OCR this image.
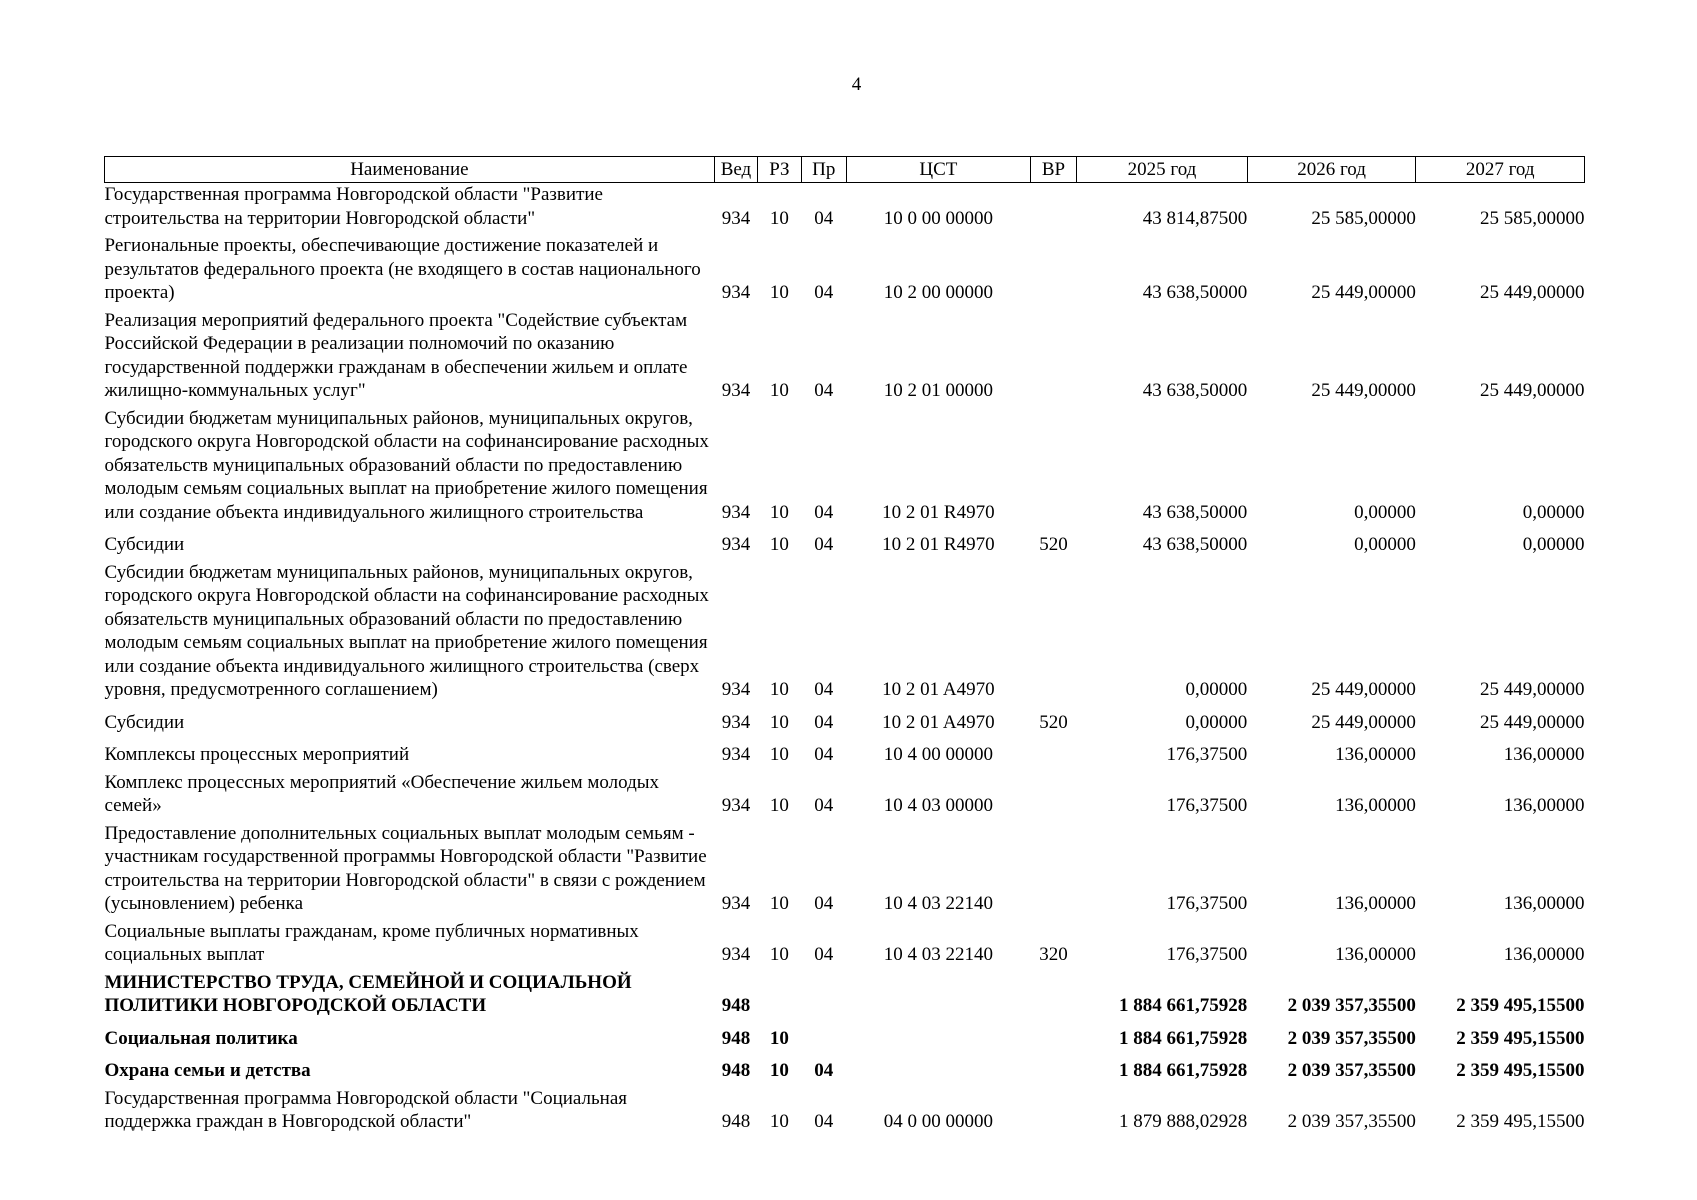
4
Наименование	Вед	РЗ	Пр	ЦСТ	ВР	2025 год	2026 год	2027 год
Государственная программа Новгородской области "Развитие строительства на территории Новгородской области"	934	10	04	10 0 00 00000		43 814,87500	25 585,00000	25 585,00000
Региональные проекты, обеспечивающие достижение показателей и результатов федерального проекта (не входящего в состав национального проекта)	934	10	04	10 2 00 00000		43 638,50000	25 449,00000	25 449,00000
Реализация мероприятий федерального проекта "Содействие субъектам Российской Федерации в реализации полномочий по оказанию государственной поддержки гражданам в обеспечении жильем и оплате жилищно-коммунальных услуг"	934	10	04	10 2 01 00000		43 638,50000	25 449,00000	25 449,00000
Субсидии бюджетам муниципальных районов, муниципальных округов, городского округа Новгородской области на софинансирование расходных обязательств муниципальных образований области по предоставлению молодым семьям социальных выплат на приобретение жилого помещения или создание объекта индивидуального жилищного строительства	934	10	04	10 2 01 R4970		43 638,50000	0,00000	0,00000
Субсидии	934	10	04	10 2 01 R4970	520	43 638,50000	0,00000	0,00000
Субсидии бюджетам муниципальных районов, муниципальных округов, городского округа Новгородской области на софинансирование расходных обязательств муниципальных образований области по предоставлению молодым семьям социальных выплат на приобретение жилого помещения или создание объекта индивидуального жилищного строительства (сверх уровня, предусмотренного соглашением)	934	10	04	10 2 01 A4970		0,00000	25 449,00000	25 449,00000
Субсидии	934	10	04	10 2 01 A4970	520	0,00000	25 449,00000	25 449,00000
Комплексы процессных мероприятий	934	10	04	10 4 00 00000		176,37500	136,00000	136,00000
Комплекс процессных мероприятий «Обеспечение жильем молодых семей»	934	10	04	10 4 03 00000		176,37500	136,00000	136,00000
Предоставление дополнительных социальных выплат молодым семьям - участникам государственной программы Новгородской области "Развитие строительства на территории Новгородской области" в связи с рождением (усыновлением) ребенка	934	10	04	10 4 03 22140		176,37500	136,00000	136,00000
Социальные выплаты гражданам, кроме публичных нормативных социальных выплат	934	10	04	10 4 03 22140	320	176,37500	136,00000	136,00000
МИНИСТЕРСТВО ТРУДА, СЕМЕЙНОЙ И СОЦИАЛЬНОЙ ПОЛИТИКИ НОВГОРОДСКОЙ ОБЛАСТИ	948					1 884 661,75928	2 039 357,35500	2 359 495,15500
Социальная политика	948	10				1 884 661,75928	2 039 357,35500	2 359 495,15500
Охрана семьи и детства	948	10	04			1 884 661,75928	2 039 357,35500	2 359 495,15500
Государственная программа Новгородской области "Социальная поддержка граждан в Новгородской области"	948	10	04	04 0 00 00000		1 879 888,02928	2 039 357,35500	2 359 495,15500
